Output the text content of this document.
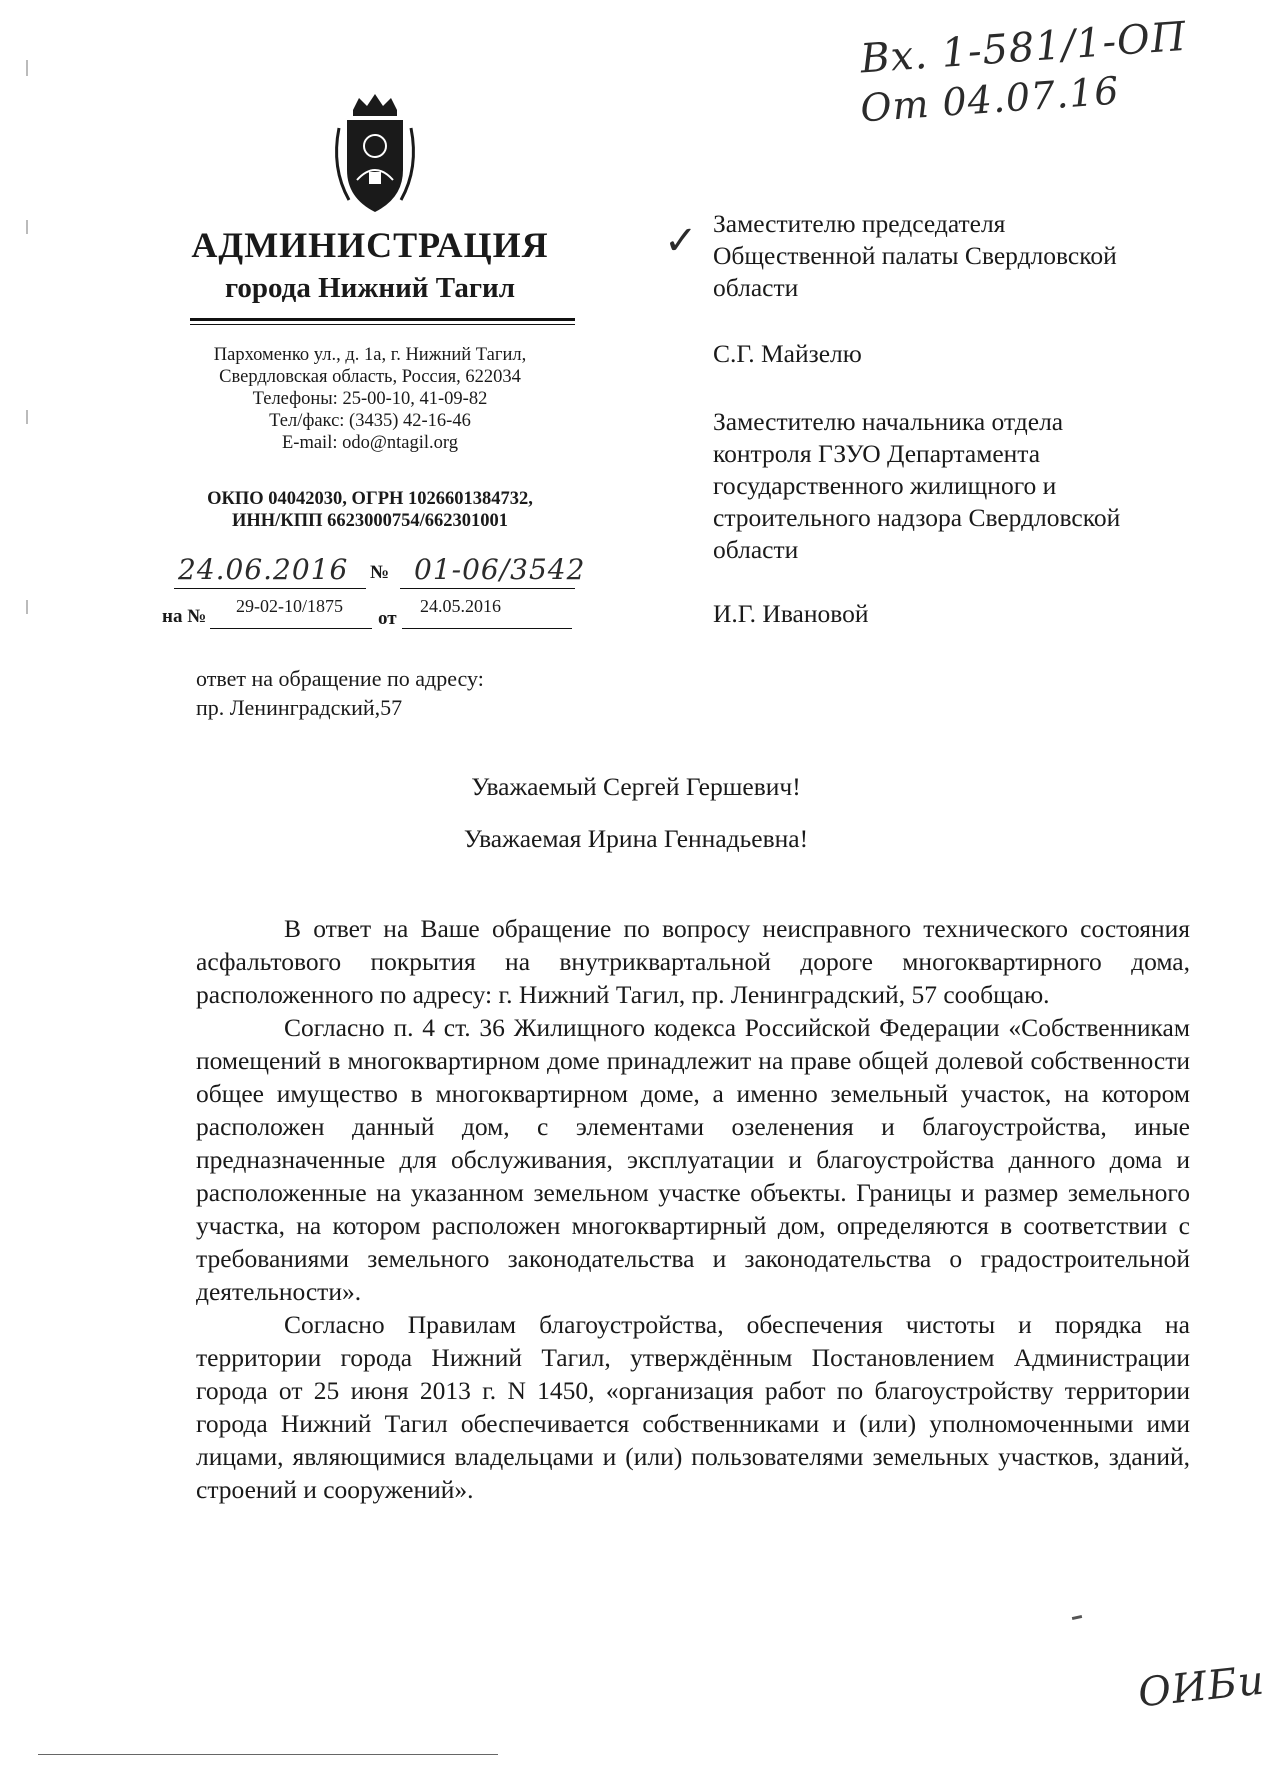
Вх. 1-581/1-ОП
От 04.07.16
АДМИНИСТРАЦИЯ
города Нижний Тагил
Пархоменко ул., д. 1а, г. Нижний Тагил,
Свердловская область, Россия, 622034
Телефоны: 25-00-10, 41-09-82
Тел/факс: (3435) 42-16-46
E-mail: odo@ntagil.org
ОКПО 04042030, ОГРН 1026601384732,
ИНН/КПП 6623000754/662301001
24.06.2016 № 01-06/3542
на № 29-02-10/1875
от
24.05.2016
ответ на обращение по адресу:
пр. Ленинградский,57
✓ Заместителю председателя
Общественной палаты Свердловской
области
С.Г. Майзелю
Заместителю начальника отдела
контроля ГЗУО Департамента
государственного жилищного и
строительного надзора Свердловской
области
И.Г. Ивановой
Уважаемый Сергей Гершевич!
Уважаемая Ирина Геннадьевна!

В ответ на Ваше обращение по вопросу неисправного технического состояния асфальтового покрытия на внутриквартальной дороге многоквартирного дома, расположенного по адресу: г. Нижний Тагил, пр. Ленинградский, 57 сообщаю.

Согласно п. 4 ст. 36 Жилищного кодекса Российской Федерации «Собственникам помещений в многоквартирном доме принадлежит на праве общей долевой собственности общее имущество в многоквартирном доме, а именно земельный участок, на котором расположен данный дом, с элементами озеленения и благоустройства, иные предназначенные для обслуживания, эксплуатации и благоустройства данного дома и расположенные на указанном земельном участке объекты. Границы и размер земельного участка, на котором расположен многоквартирный дом, определяются в соответствии с требованиями земельного законодательства и законодательства о градостроительной деятельности».

Согласно Правилам благоустройства, обеспечения чистоты и порядка на территории города Нижний Тагил, утверждённым Постановлением Администрации города от 25 июня 2013 г. N 1450, «организация работ по благоустройству территории города Нижний Тагил обеспечивается собственниками и (или) уполномоченными ими лицами, являющимися владельцами и (или) пользователями земельных участков, зданий, строений и сооружений».

ОИБи
